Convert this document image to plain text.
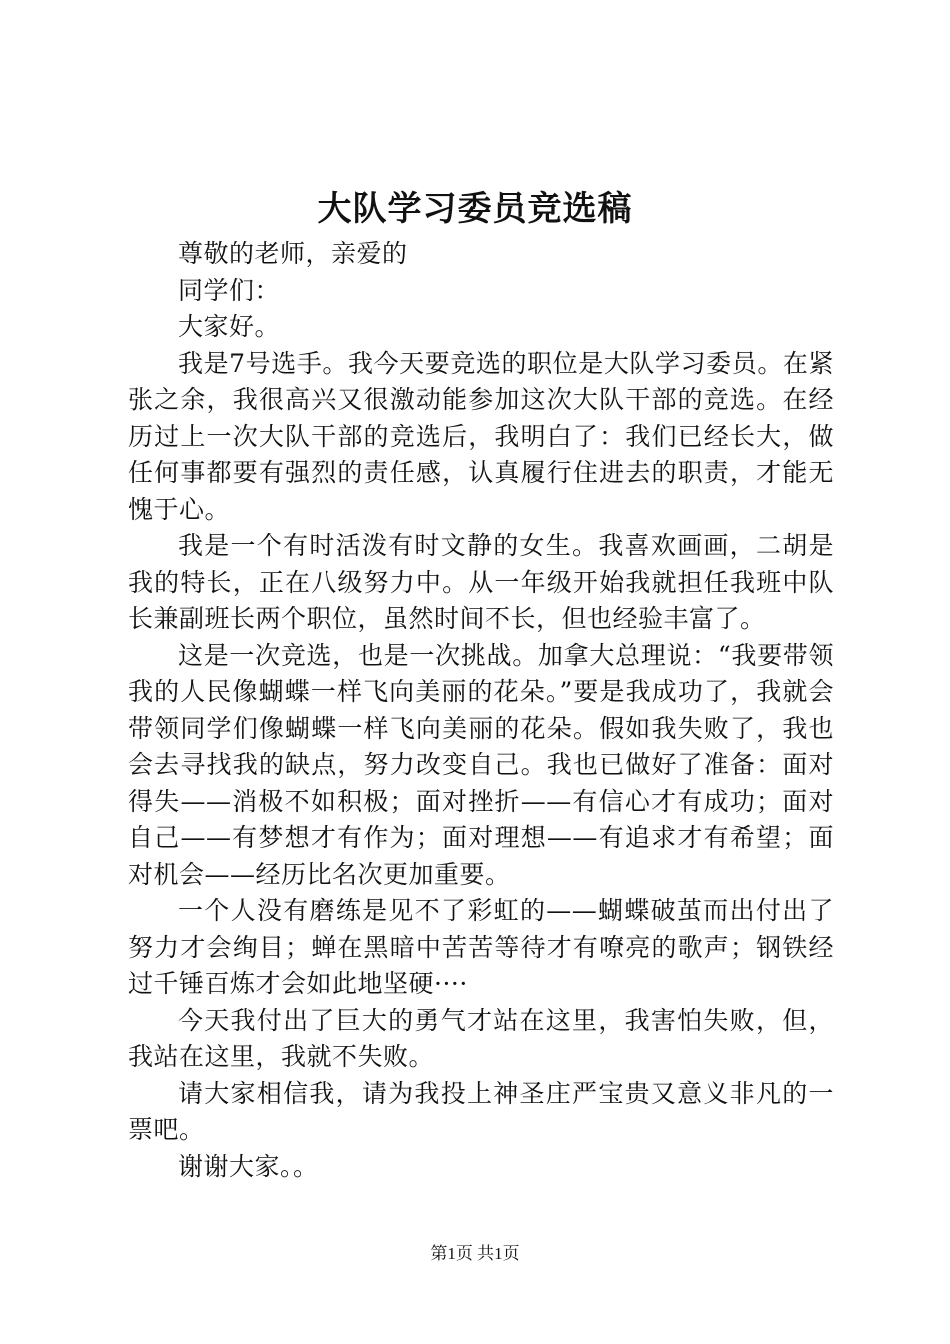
大队学习委员竞选稿

尊敬的老师，亲爱的

同学们：

大家好。

我是7号选手。我今天要竞选的职位是大队学习委员。在紧张之余，我很高兴又很激动能参加这次大队干部的竞选。在经历过上一次大队干部的竞选后，我明白了：我们已经长大，做任何事都要有强烈的责任感，认真履行住进去的职责，才能无愧于心。

我是一个有时活泼有时文静的女生。我喜欢画画，二胡是我的特长，正在八级努力中。从一年级开始我就担任我班中队长兼副班长两个职位，虽然时间不长，但也经验丰富了。

这是一次竞选，也是一次挑战。加拿大总理说：“我要带领我的人民像蝴蝶一样飞向美丽的花朵。”要是我成功了，我就会带领同学们像蝴蝶一样飞向美丽的花朵。假如我失败了，我也会去寻找我的缺点，努力改变自己。我也已做好了准备：面对得失——消极不如积极；面对挫折——有信心才有成功；面对自己——有梦想才有作为；面对理想——有追求才有希望；面对机会——经历比名次更加重要。

一个人没有磨练是见不了彩虹的——蝴蝶破茧而出付出了努力才会绚目；蝉在黑暗中苦苦等待才有嘹亮的歌声；钢铁经过千锤百炼才会如此地坚硬····

今天我付出了巨大的勇气才站在这里，我害怕失败，但，我站在这里，我就不失败。

请大家相信我，请为我投上神圣庄严宝贵又意义非凡的一票吧。

谢谢大家。。

第1页 共1页
